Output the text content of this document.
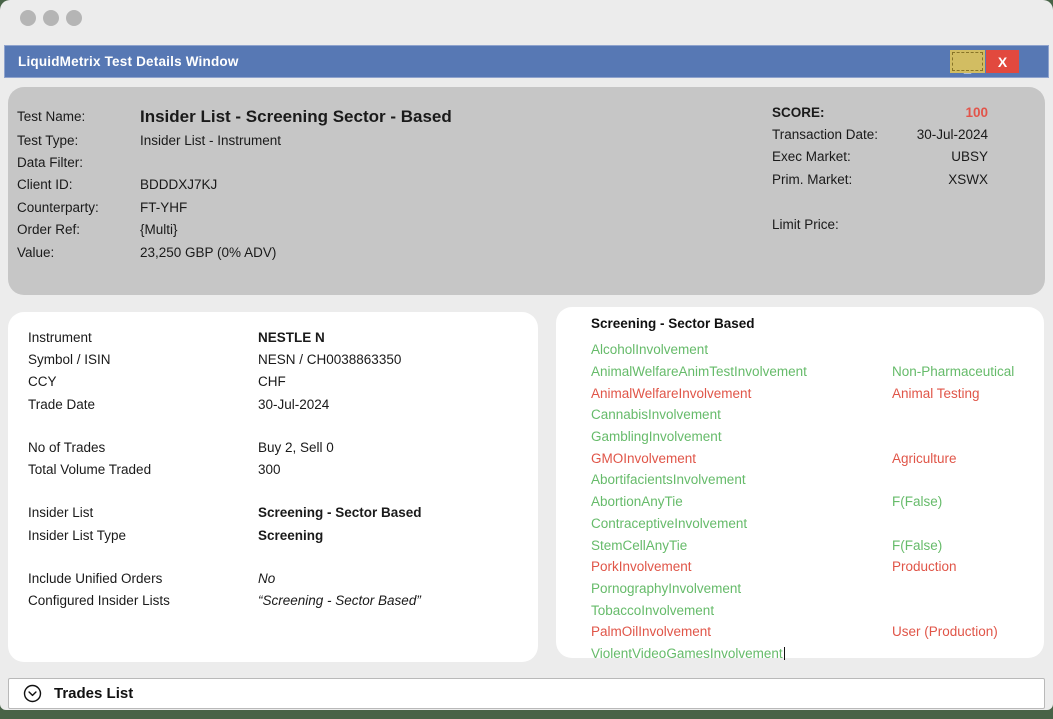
LiquidMetrix Test Details Window	_ X
Test Name:	Insider List - Screening Sector - Based
Test Type:	Insider List - Instrument
Data Filter:
Client ID:	BDDDXJ7KJ
Counterparty:	FT-YHF
Order Ref:	{Multi}
Value:	23,250 GBP (0% ADV)
SCORE:	100
Transaction Date:	30-Jul-2024
Exec Market:	UBSY
Prim. Market:	XSWX
Limit Price:
Instrument	NESTLE N
Symbol / ISIN	NESN / CH0038863350
CCY	CHF
Trade Date	30-Jul-2024
No of Trades	Buy 2, Sell 0
Total Volume Traded	300
Insider List	Screening - Sector Based
Insider List Type	Screening
Include Unified Orders	No
Configured Insider Lists	“Screening - Sector Based”
Screening - Sector Based
AlcoholInvolvement
AnimalWelfareAnimTestInvolvement	Non-Pharmaceutical
AnimalWelfareInvolvement	Animal Testing
CannabisInvolvement
GamblingInvolvement
GMOInvolvement	Agriculture
AbortifacientsInvolvement
AbortionAnyTie	F(False)
ContraceptiveInvolvement
StemCellAnyTie	F(False)
PorkInvolvement	Production
PornographyInvolvement
TobaccoInvolvement
PalmOilInvolvement	User (Production)
ViolentVideoGamesInvolvement
Trades List
